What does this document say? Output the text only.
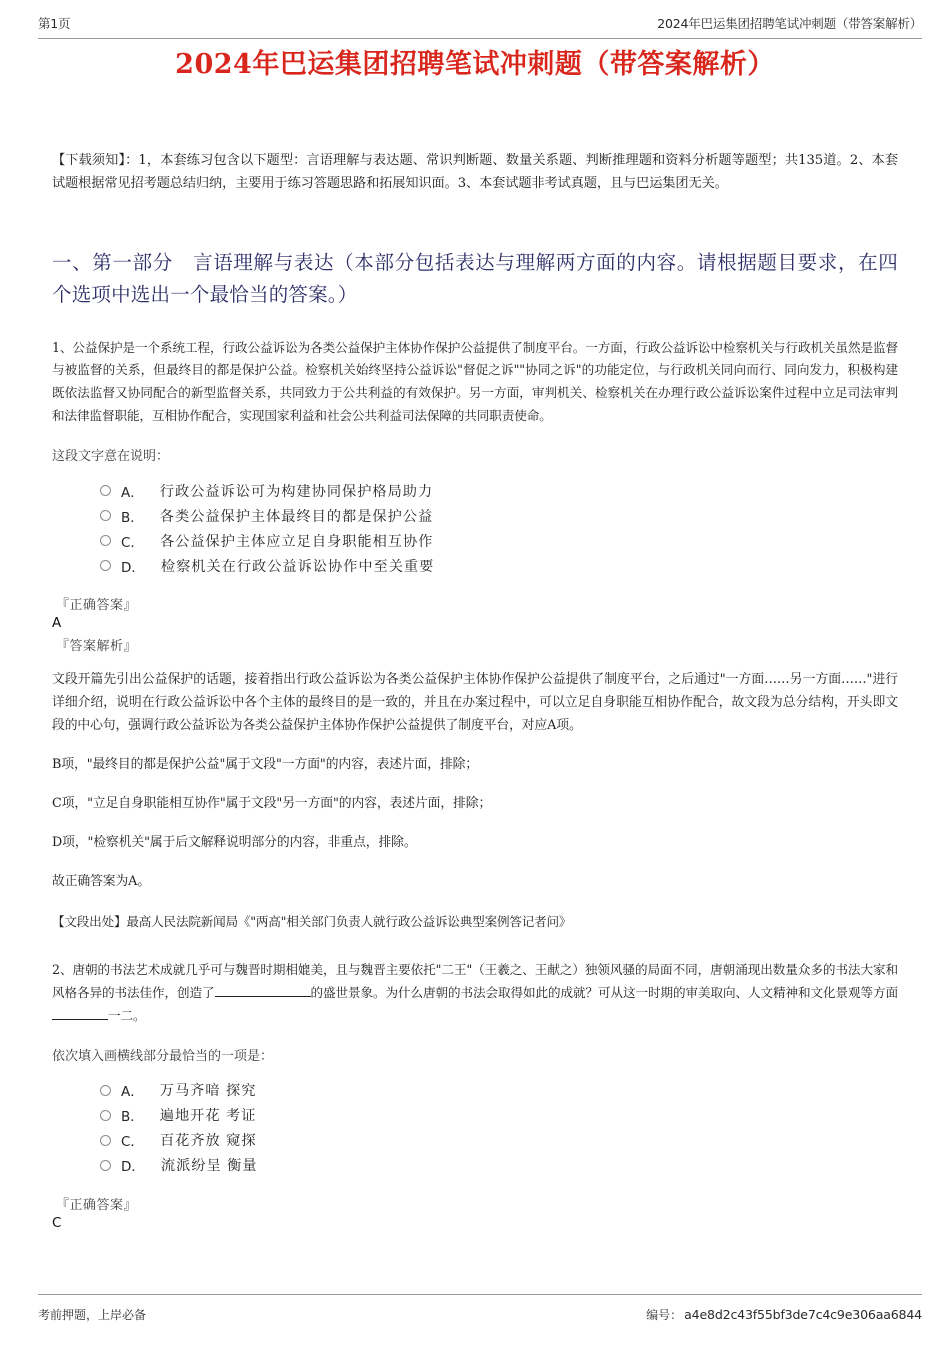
第1页	2024年巴运集团招聘笔试冲刺题（带答案解析）
2024年巴运集团招聘笔试冲刺题（带答案解析）
【下载须知】：1，本套练习包含以下题型：言语理解与表达题、常识判断题、数量关系题、判断推理题和资料分析题等题型；共135道。2、本套试题根据常见招考题总结归纳，主要用于练习答题思路和拓展知识面。3、本套试题非考试真题，且与巴运集团无关。
一、第一部分　言语理解与表达（本部分包括表达与理解两方面的内容。请根据题目要求，在四个选项中选出一个最恰当的答案。）
1、公益保护是一个系统工程，行政公益诉讼为各类公益保护主体协作保护公益提供了制度平台。一方面，行政公益诉讼中检察机关与行政机关虽然是监督与被监督的关系，但最终目的都是保护公益。检察机关始终坚持公益诉讼"督促之诉""协同之诉"的功能定位，与行政机关同向而行、同向发力，积极构建既依法监督又协同配合的新型监督关系，共同致力于公共利益的有效保护。另一方面，审判机关、检察机关在办理行政公益诉讼案件过程中立足司法审判和法律监督职能，互相协作配合，实现国家利益和社会公共利益司法保障的共同职责使命。
这段文字意在说明：
A． 行政公益诉讼可为构建协同保护格局助力
B． 各类公益保护主体最终目的都是保护公益
C． 各公益保护主体应立足自身职能相互协作
D． 检察机关在行政公益诉讼协作中至关重要
『正确答案』
A
『答案解析』
文段开篇先引出公益保护的话题，接着指出行政公益诉讼为各类公益保护主体协作保护公益提供了制度平台，之后通过"一方面……另一方面……"进行详细介绍，说明在行政公益诉讼中各个主体的最终目的是一致的，并且在办案过程中，可以立足自身职能互相协作配合，故文段为总分结构，开头即文段的中心句，强调行政公益诉讼为各类公益保护主体协作保护公益提供了制度平台，对应A项。
B项，"最终目的都是保护公益"属于文段"一方面"的内容，表述片面，排除；
C项，"立足自身职能相互协作"属于文段"另一方面"的内容，表述片面，排除；
D项，"检察机关"属于后文解释说明部分的内容，非重点，排除。
故正确答案为A。
【文段出处】最高人民法院新闻局《"两高"相关部门负责人就行政公益诉讼典型案例答记者问》
2、唐朝的书法艺术成就几乎可与魏晋时期相媲美，且与魏晋主要依托"二王"（王羲之、王献之）独领风骚的局面不同，唐朝涌现出数量众多的书法大家和风格各异的书法佳作，创造了	的盛世景象。为什么唐朝的书法会取得如此的成就？可从这一时期的审美取向、人文精神和文化景观等方面一二。
依次填入画横线部分最恰当的一项是：
A． 万马齐喑 探究
B． 遍地开花 考证
C． 百花齐放 窥探
D． 流派纷呈 衡量
『正确答案』
C
考前押题，上岸必备	编号： a4e8d2c43f55bf3de7c4c9e306aa6844
